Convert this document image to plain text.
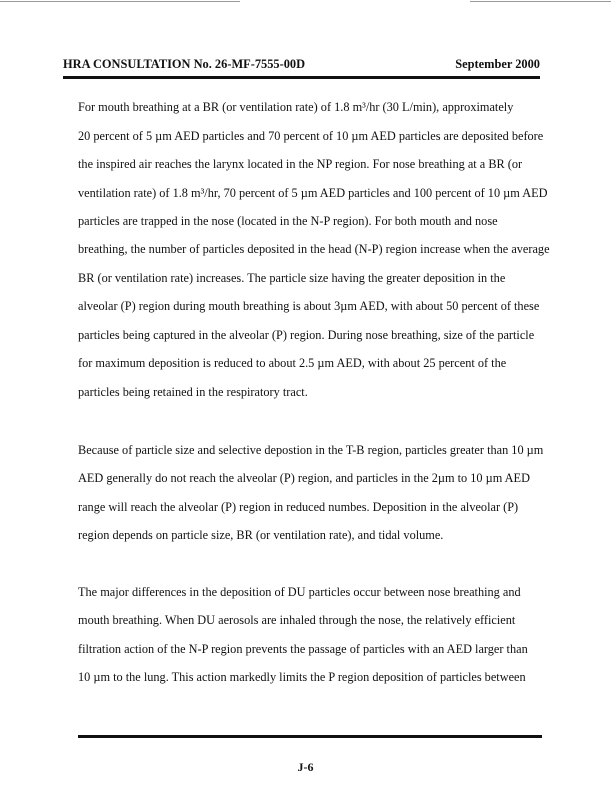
HRA CONSULTATION No. 26-MF-7555-00D	September 2000
For mouth breathing at a BR (or ventilation rate) of 1.8 m³/hr (30 L/min), approximately
20 percent of 5 µm AED particles and 70 percent of 10 µm AED particles are deposited before
the inspired air reaches the larynx located in the NP region. For nose breathing at a BR (or
ventilation rate) of 1.8 m³/hr, 70 percent of 5 µm AED particles and 100 percent of 10 µm AED
particles are trapped in the nose (located in the N-P region). For both mouth and nose
breathing, the number of particles deposited in the head (N-P) region increase when the average
BR (or ventilation rate) increases. The particle size having the greater deposition in the
alveolar (P) region during mouth breathing is about 3µm AED, with about 50 percent of these
particles being captured in the alveolar (P) region. During nose breathing, size of the particle
for maximum deposition is reduced to about 2.5 µm AED, with about 25 percent of the
particles being retained in the respiratory tract.
Because of particle size and selective depostion in the T-B region, particles greater than 10 µm
AED generally do not reach the alveolar (P) region, and particles in the 2µm to 10 µm AED
range will reach the alveolar (P) region in reduced numbes. Deposition in the alveolar (P)
region depends on particle size, BR (or ventilation rate), and tidal volume.
The major differences in the deposition of DU particles occur between nose breathing and
mouth breathing. When DU aerosols are inhaled through the nose, the relatively efficient
filtration action of the N-P region prevents the passage of particles with an AED larger than
10 µm to the lung. This action markedly limits the P region deposition of particles between
J-6
